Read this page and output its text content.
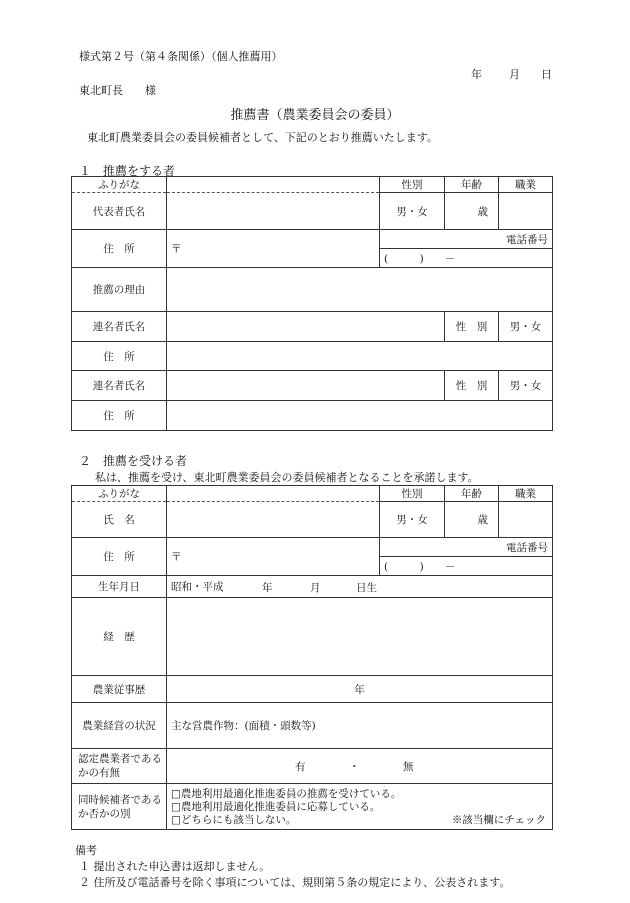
様式第２号（第４条関係）（個人推薦用）
年 月 日
東北町長　　様
推薦書（農業委員会の委員）
東北町農業委員会の委員候補者として、下記のとおり推薦いたします。
１　推薦をする者
ふりがな		性別	年齢	職業
代表者氏名		男・女	歳	
住　所	〒	電話番号		
		(　　　)　　－		
推薦の理由				
連名者氏名			性　別	男・女
住　所				
連名者氏名			性　別	男・女
住　所				
２　推薦を受ける者
私は、推薦を受け、東北町農業委員会の委員候補者となることを承諾します。
ふりがな		性別	年齢	職業
氏　名		男・女	歳	
住　所	〒	電話番号		
		(　　　)　　－		
生年月日	昭和・平成 年 月 日生			

経　歴				
農業従事歴	年			
農業経営の状況	主な営農作物：(面積・頭数等)			
認定農業者であるかの有無	有 ・ 無			

同時候補者であるか否かの別	□農地利用最適化推進委員の推薦を受けている。
□農地利用最適化推進委員に応募している。
□どちらにも該当しない。 ※該当欄にチェック			
備考
１ 提出された申込書は返却しません。
２ 住所及び電話番号を除く事項については、規則第５条の規定により、公表されます。
